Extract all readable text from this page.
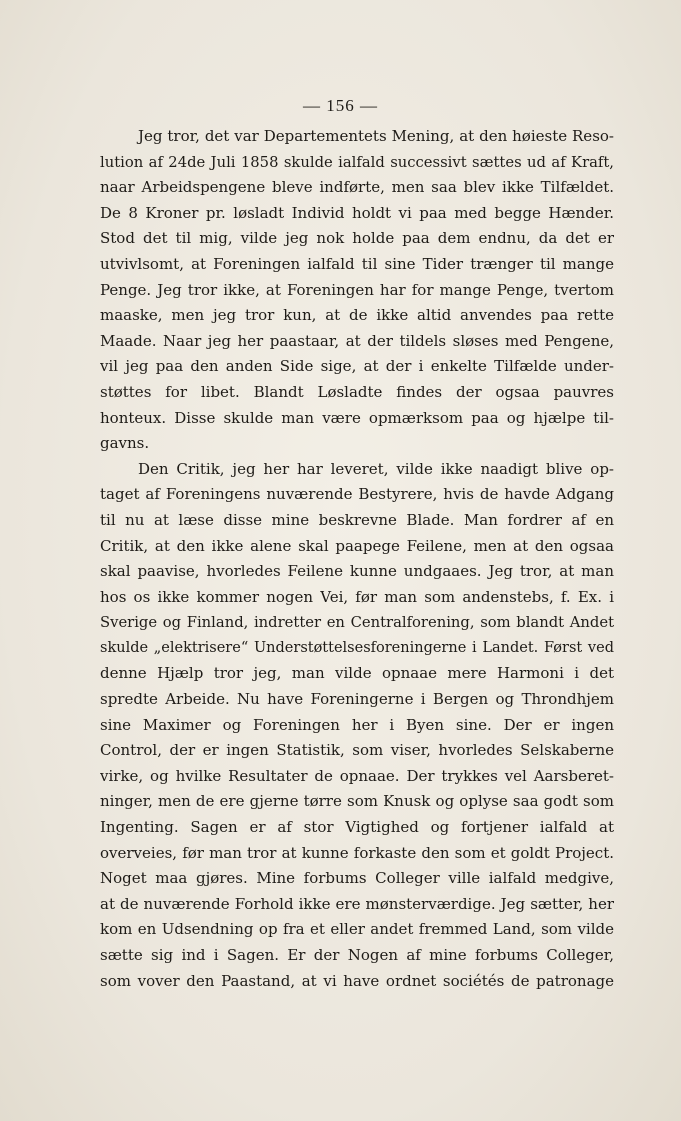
— 156 —
Jeg tror, det var Departementets Mening, at den høieste Reso-
lution af 24de Juli 1858 skulde ialfald successivt sættes ud af Kraft,
naar Arbeidspengene bleve indførte, men saa blev ikke Tilfældet.
De 8 Kroner pr. løsladt Individ holdt vi paa med begge Hænder.
Stod det til mig, vilde jeg nok holde paa dem endnu, da det er
utvivlsomt, at Foreningen ialfald til sine Tider trænger til mange
Penge. Jeg tror ikke, at Foreningen har for mange Penge, tvertom
maaske, men jeg tror kun, at de ikke altid anvendes paa rette
Maade. Naar jeg her paastaar, at der tildels sløses med Pengene,
vil jeg paa den anden Side sige, at der i enkelte Tilfælde under-
støttes for libet. Blandt Løsladte findes der ogsaa pauvres
honteux. Disse skulde man være opmærksom paa og hjælpe til-
gavns.
Den Critik, jeg her har leveret, vilde ikke naadigt blive op-
taget af Foreningens nuværende Bestyrere, hvis de havde Adgang
til nu at læse disse mine beskrevne Blade. Man fordrer af en
Critik, at den ikke alene skal paapege Feilene, men at den ogsaa
skal paavise, hvorledes Feilene kunne undgaaes. Jeg tror, at man
hos os ikke kommer nogen Vei, før man som andenstebs, f. Ex. i
Sverige og Finland, indretter en Centralforening, som blandt Andet
skulde „elektrisere“ Understøttelsesforeningerne i Landet. Først ved
denne Hjælp tror jeg, man vilde opnaae mere Harmoni i det
spredte Arbeide. Nu have Foreningerne i Bergen og Throndhjem
sine Maximer og Foreningen her i Byen sine. Der er ingen
Control, der er ingen Statistik, som viser, hvorledes Selskaberne
virke, og hvilke Resultater de opnaae. Der trykkes vel Aarsberet-
ninger, men de ere gjerne tørre som Knusk og oplyse saa godt som
Ingenting. Sagen er af stor Vigtighed og fortjener ialfald at
overveies, før man tror at kunne forkaste den som et goldt Project.
Noget maa gjøres. Mine forbums Colleger ville ialfald medgive,
at de nuværende Forhold ikke ere mønsterværdige. Jeg sætter, her
kom en Udsendning op fra et eller andet fremmed Land, som vilde
sætte sig ind i Sagen. Er der Nogen af mine forbums Colleger,
som vover den Paastand, at vi have ordnet sociétés de patronage
